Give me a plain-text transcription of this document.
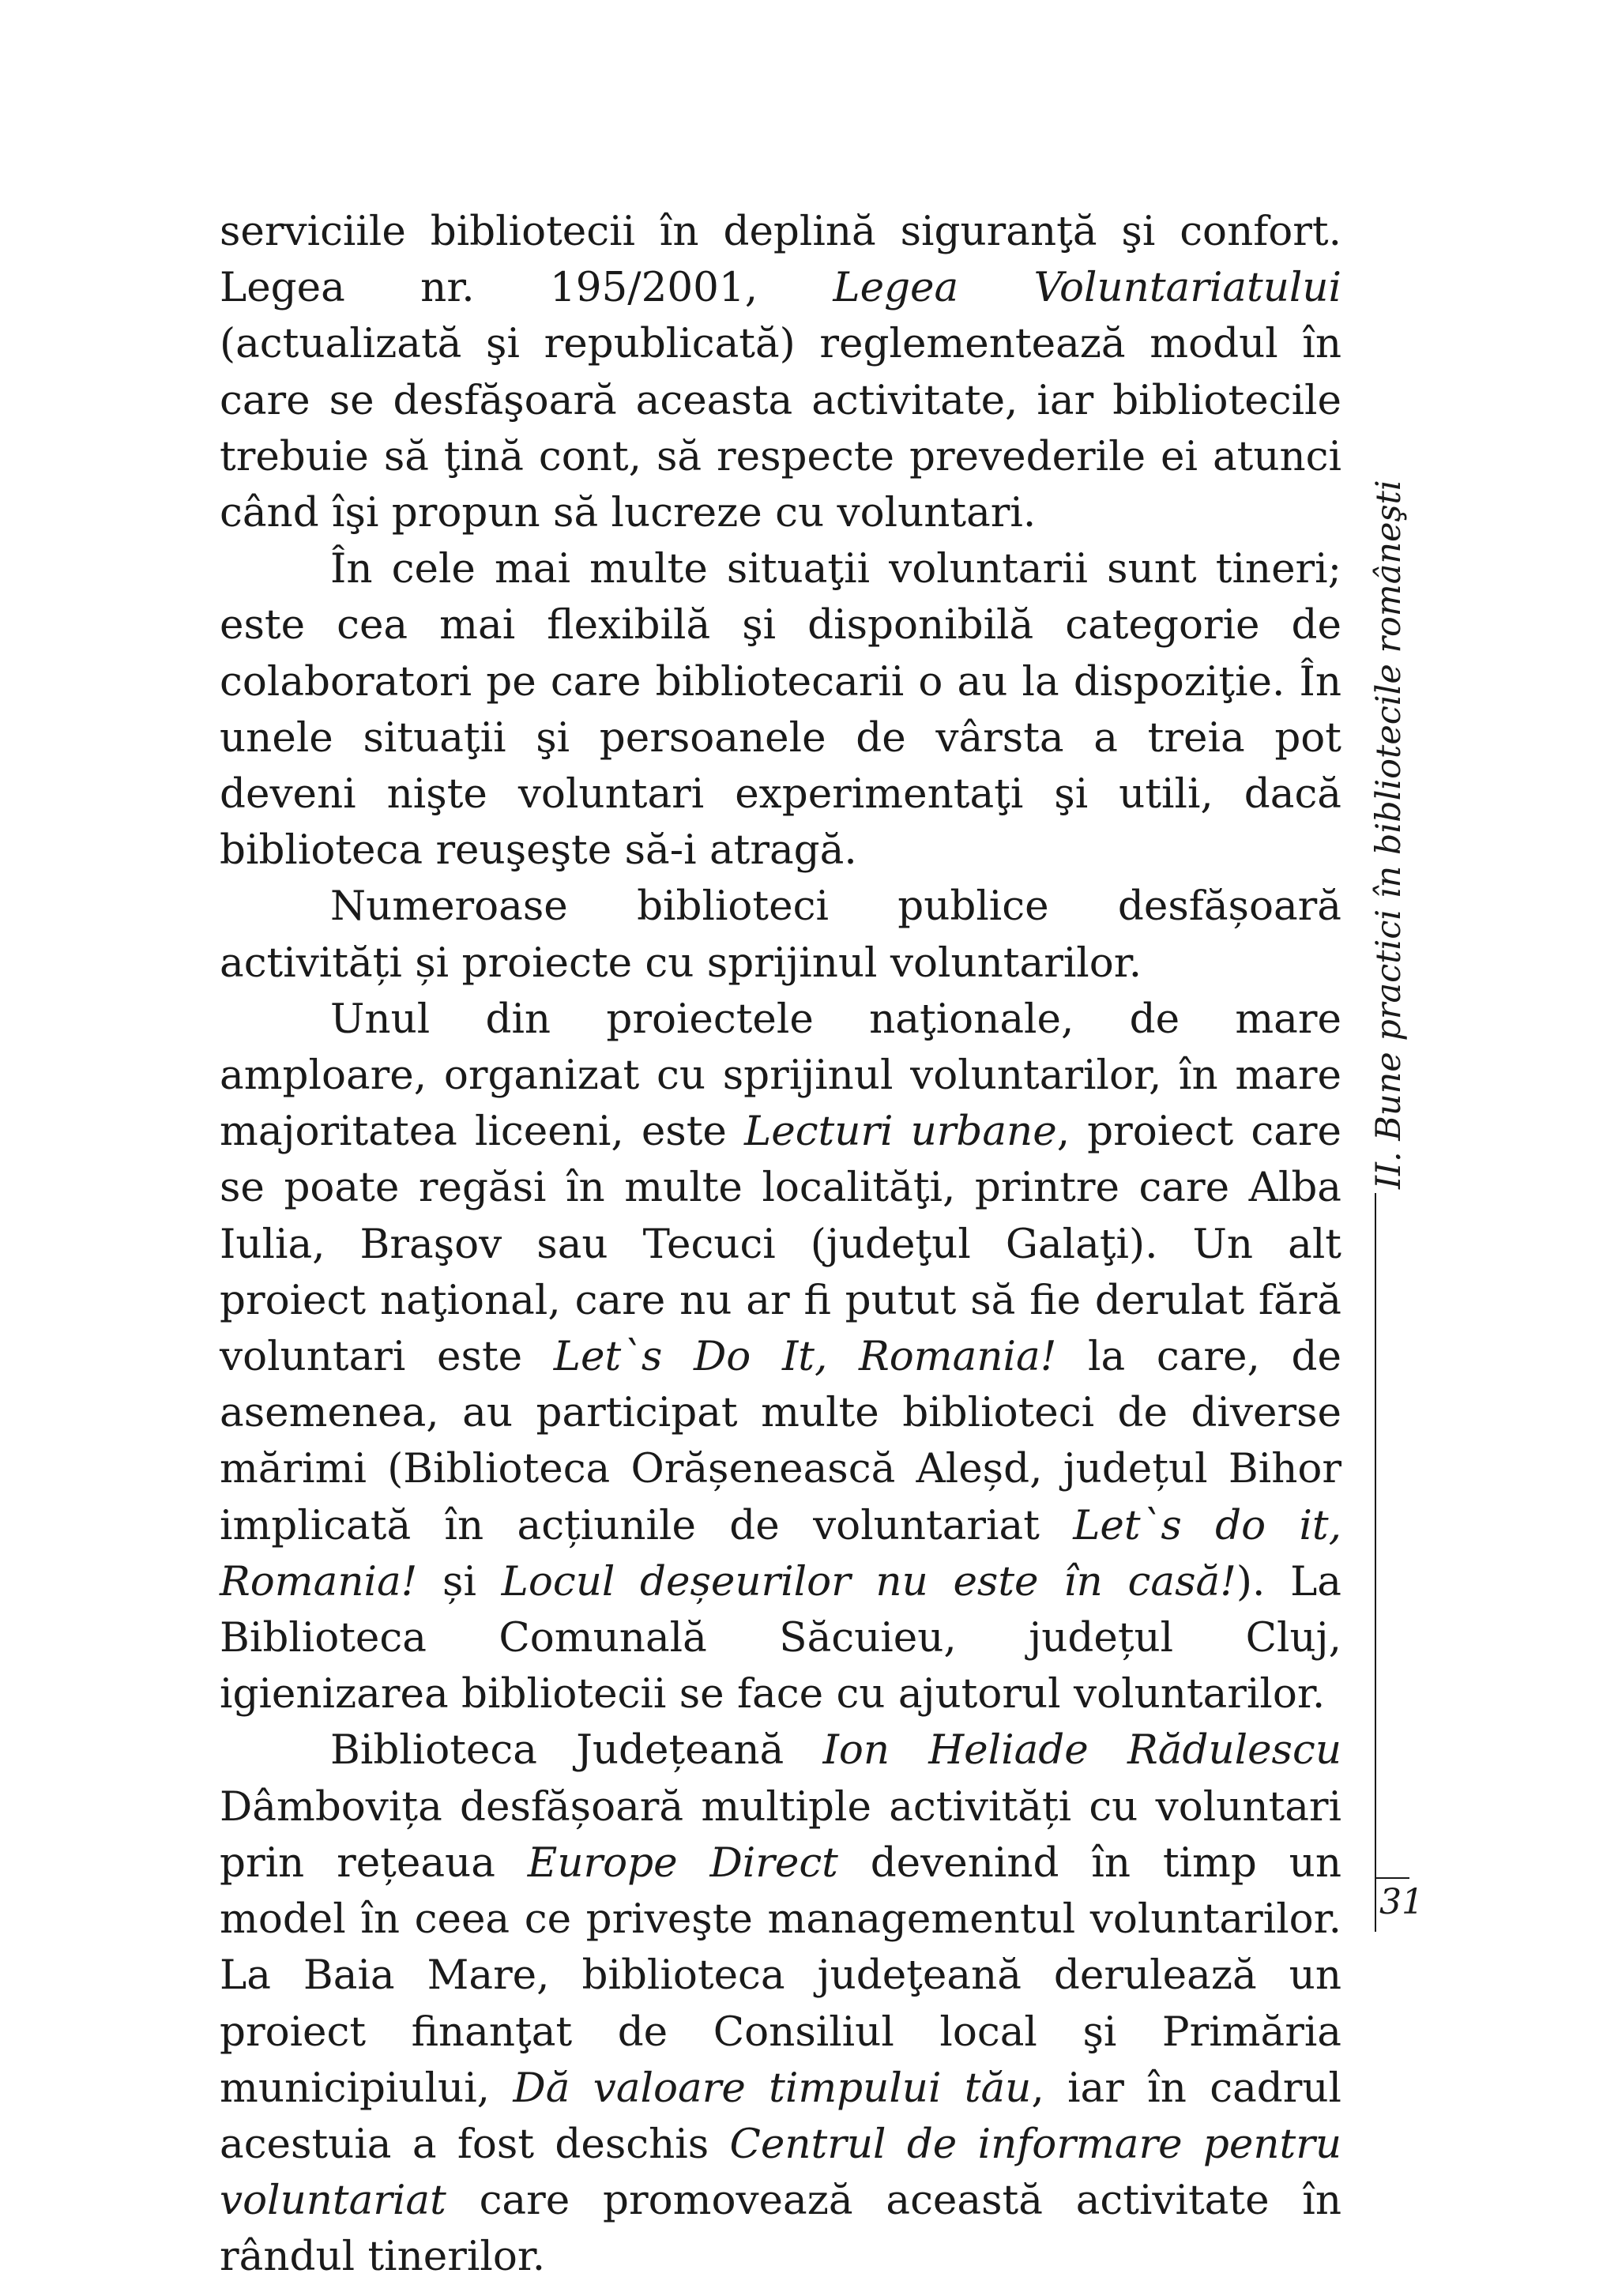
serviciile bibliotecii în deplină siguranţă şi confort. Legea nr. 195/2001, Legea Voluntariatului (actualizată şi republicată) reglementează modul în care se desfăşoară aceasta activitate, iar bibliotecile trebuie să ţină cont, să respecte prevederile ei atunci când îşi propun să lucreze cu voluntari.

În cele mai multe situaţii voluntarii sunt tineri; este cea mai flexibilă şi disponibilă categorie de colaboratori pe care bibliotecarii o au la dispoziţie. În unele situaţii şi persoanele de vârsta a treia pot deveni nişte voluntari experimentaţi şi utili, dacă biblioteca reuşeşte să-i atragă.

Numeroase biblioteci publice desfășoară activități și proiecte cu sprijinul voluntarilor.

Unul din proiectele naţionale, de mare amploare, organizat cu sprijinul voluntarilor, în mare majoritatea liceeni, este Lecturi urbane, proiect care se poate regăsi în multe localităţi, printre care Alba Iulia, Braşov sau Tecuci (judeţul Galaţi). Un alt proiect naţional, care nu ar fi putut să fie derulat fără voluntari este Let`s Do It, Romania! la care, de asemenea, au participat multe biblioteci de diverse mărimi (Biblioteca Orășenească Aleșd, județul Bihor implicată în acțiunile de voluntariat Let`s do it, Romania! și Locul deșeurilor nu este în casă!). La Biblioteca Comunală Săcuieu, județul Cluj, igienizarea bibliotecii se face cu ajutorul voluntarilor.

Biblioteca Județeană Ion Heliade Rădulescu Dâmbovița desfășoară multiple activități cu voluntari prin rețeaua Europe Direct devenind în timp un model în ceea ce priveşte managementul voluntarilor. La Baia Mare, biblioteca judeţeană derulează un proiect finanţat de Consiliul local şi Primăria municipiului, Dă valoare timpului tău, iar în cadrul acestuia a fost deschis Centrul de informare pentru voluntariat care promovează această activitate în rândul tinerilor.

II. Bune practici în bibliotecile româneşti
31
